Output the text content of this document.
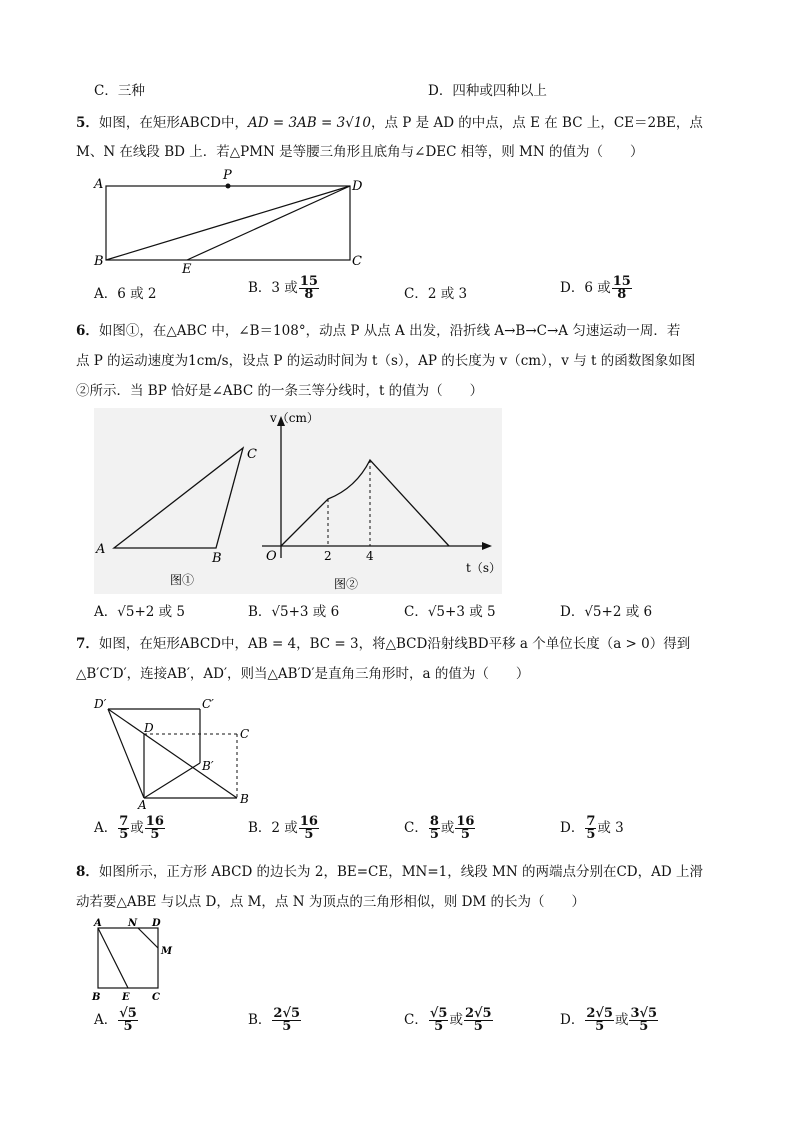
C．三种	D．四种或四种以上
5．如图，在矩形ABCD中，AD = 3AB = 3√10，点 P 是 AD 的中点，点 E 在 BC 上，CE＝2BE，点
M、N 在线段 BD 上．若△PMN 是等腰三角形且底角与∠DEC 相等，则 MN 的值为（　　）
A
P
D
B
E
C
A．6 或 2	B．3 或 $\frac{15}{8}$	C．2 或 3	D．6 或 $\frac{15}{8}$
6．如图①，在△ABC 中，∠B＝108°，动点 P 从点 A 出发，沿折线 A→B→C→A 匀速运动一周．若
点 P 的运动速度为1cm/s，设点 P 的运动时间为 t（s），AP 的长度为 v（cm），v 与 t 的函数图象如图
②所示．当 BP 恰好是∠ABC 的一条三等分线时，t 的值为（　　）
A
B
C
图①
v（cm）
O	2	4
t（s）
图②
A．√5+2 或 5	B．√5+3 或 6	C．√5+3 或 5	D．√5+2 或 6
7．如图，在矩形ABCD中，AB = 4，BC = 3，将△BCD沿射线BD平移 a 个单位长度（a > 0）得到
△B′C′D′，连接AB′，AD′，则当△AB′D′是直角三角形时，a 的值为（　　）
D′	C′
D	C
B′
A	B
A． $\frac{7}{5}$ 或 $\frac{16}{5}$	B．2 或 $\frac{16}{5}$	C． $\frac{8}{5}$ 或 $\frac{16}{5}$	D． $\frac{7}{5}$ 或 3
8．如图所示，正方形 ABCD 的边长为 2，BE=CE，MN=1，线段 MN 的两端点分别在CD，AD 上滑
动若要△ABE 与以点 D，点 M，点 N 为顶点的三角形相似，则 DM 的长为（　　）
A	N D
M
B E C
A． $\frac{√5}{5}$	B． $\frac{2√5}{5}$	C． $\frac{√5}{5}$ 或 $\frac{2√5}{5}$	D． $\frac{2√5}{5}$ 或 $\frac{3√5}{5}$
